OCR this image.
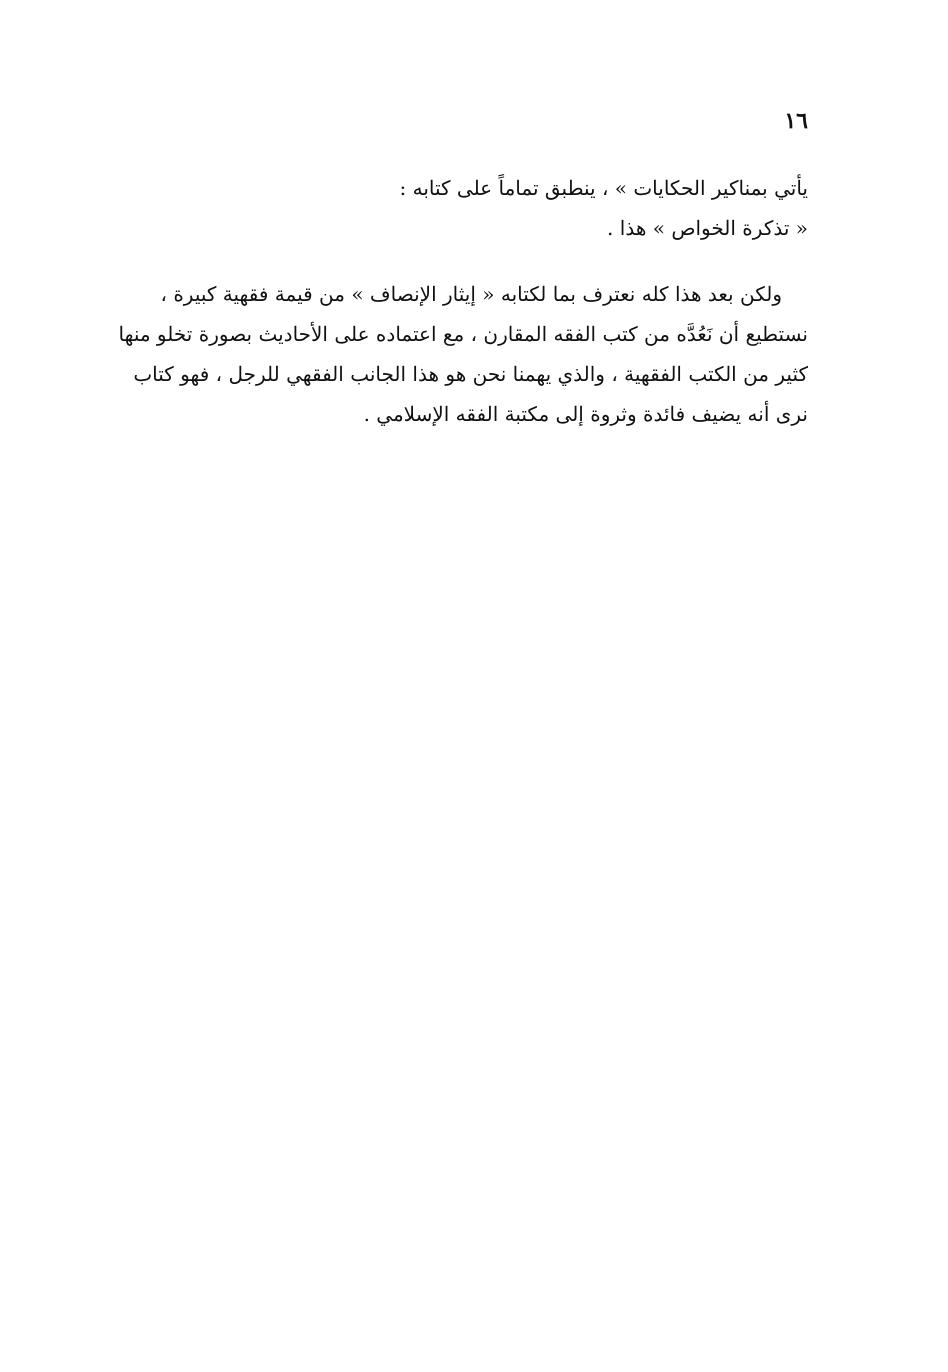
١٦
يأتي بمناكير الحكايات » ، ينطبق تماماً على كتابه :
« تذكرة الخواص » هذا .
ولكن بعد هذا كله نعترف بما لكتابه « إيثار الإنصاف » من قيمة فقهية كبيرة ،
نستطيع أن نَعُدَّه من كتب الفقه المقارن ، مع اعتماده على الأحاديث بصورة تخلو منها
كثير من الكتب الفقهية ، والذي يهمنا نحن هو هذا الجانب الفقهي للرجل ، فهو كتاب
نرى أنه يضيف فائدة وثروة إلى مكتبة الفقه الإسلامي .
